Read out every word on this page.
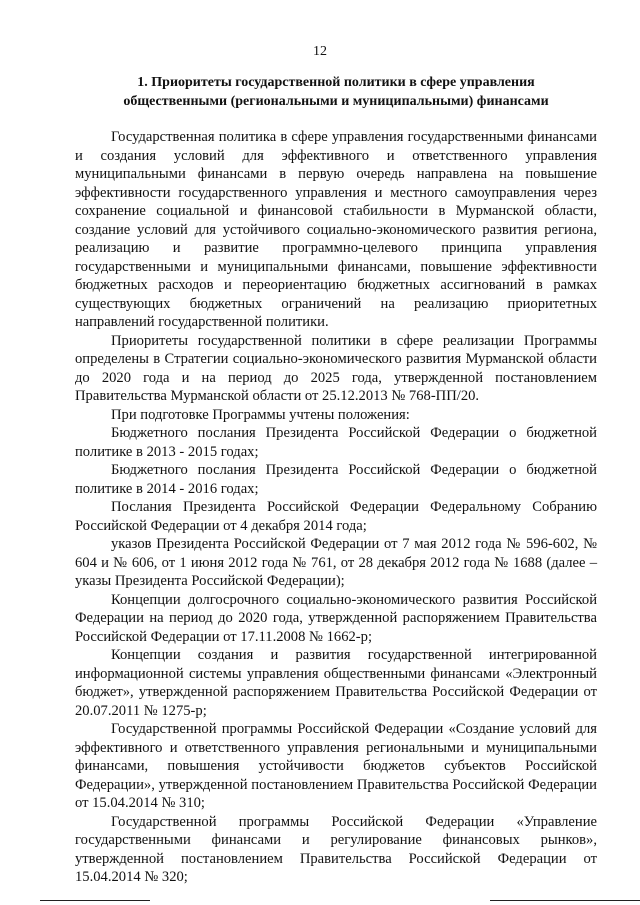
12
1. Приоритеты государственной политики в сфере управления общественными (региональными и муниципальными) финансами

Государственная политика в сфере управления государственными финансами и создания условий для эффективного и ответственного управления муниципальными финансами в первую очередь направлена на повышение эффективности государственного управления и местного самоуправления через сохранение социальной и финансовой стабильности в Мурманской области, создание условий для устойчивого социально-экономического развития региона, реализацию и развитие программно-целевого принципа управления государственными и муниципальными финансами, повышение эффективности бюджетных расходов и переориентацию бюджетных ассигнований в рамках существующих бюджетных ограничений на реализацию приоритетных направлений государственной политики.

Приоритеты государственной политики в сфере реализации Программы определены в Стратегии социально-экономического развития Мурманской области до 2020 года и на период до 2025 года, утвержденной постановлением Правительства Мурманской области от 25.12.2013 № 768-ПП/20.

При подготовке Программы учтены положения:

Бюджетного послания Президента Российской Федерации о бюджетной политике в 2013 - 2015 годах;

Бюджетного послания Президента Российской Федерации о бюджетной политике в 2014 - 2016 годах;

Послания Президента Российской Федерации Федеральному Собранию Российской Федерации от 4 декабря 2014 года;

указов Президента Российской Федерации от 7 мая 2012 года № 596-602, № 604 и № 606, от 1 июня 2012 года № 761, от 28 декабря 2012 года № 1688 (далее – указы Президента Российской Федерации);

Концепции долгосрочного социально-экономического развития Российской Федерации на период до 2020 года, утвержденной распоряжением Правительства Российской Федерации от 17.11.2008 № 1662-р;

Концепции создания и развития государственной интегрированной информационной системы управления общественными финансами «Электронный бюджет», утвержденной распоряжением Правительства Российской Федерации от 20.07.2011 № 1275-р;

Государственной программы Российской Федерации «Создание условий для эффективного и ответственного управления региональными и муниципальными финансами, повышения устойчивости бюджетов субъектов Российской Федерации», утвержденной постановлением Правительства Российской Федерации от 15.04.2014 № 310;

Государственной программы Российской Федерации «Управление государственными финансами и регулирование финансовых рынков», утвержденной постановлением Правительства Российской Федерации от 15.04.2014 № 320;
